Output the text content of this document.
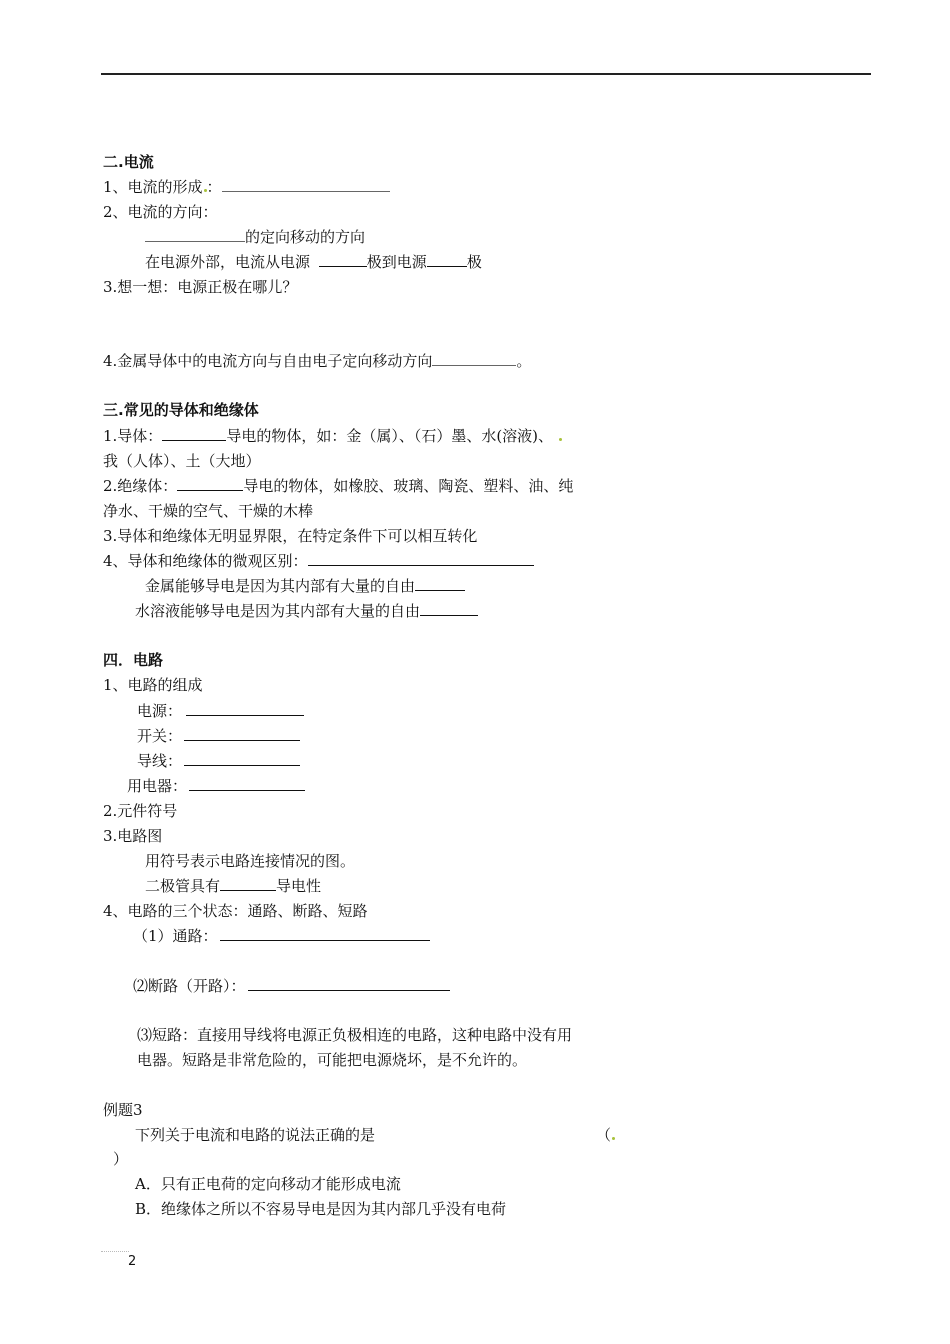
二.电流
1、电流的形成 ：
2、电流的方向：
的定向移动的方向
在电源外部，电流从电源	极到电源	极
3.想一想：电源正极在哪儿？
4.金属导体中的电流方向与自由电子定向移动方向	。
三.常见的导体和绝缘体
1.导体：	导电的物体，如：金（属）、（石）墨、水(溶液)、
我（人体）、土（大地）
2.绝缘体：	导电的物体，如橡胶、玻璃、陶瓷、塑料、油、纯
净水、干燥的空气、干燥的木棒
3.导体和绝缘体无明显界限，在特定条件下可以相互转化
4、导体和绝缘体的微观区别：
金属能够导电是因为其内部有大量的自由
水溶液能够导电是因为其内部有大量的自由
四．电路
1、电路的组成
电源：
开关：
导线：
用电器：
2.元件符号
3.电路图
用符号表示电路连接情况的图。
二极管具有	导电性
4、电路的三个状态：通路、断路、短路
（1）通路：
⑵断路（开路）：
⑶短路：直接用导线将电源正负极相连的电路，这种电路中没有用
电器。短路是非常危险的，可能把电源烧坏，是不允许的。
例题3
下列关于电流和电路的说法正确的是	（
）
A．只有正电荷的定向移动才能形成电流
B．绝缘体之所以不容易导电是因为其内部几乎没有电荷
2
